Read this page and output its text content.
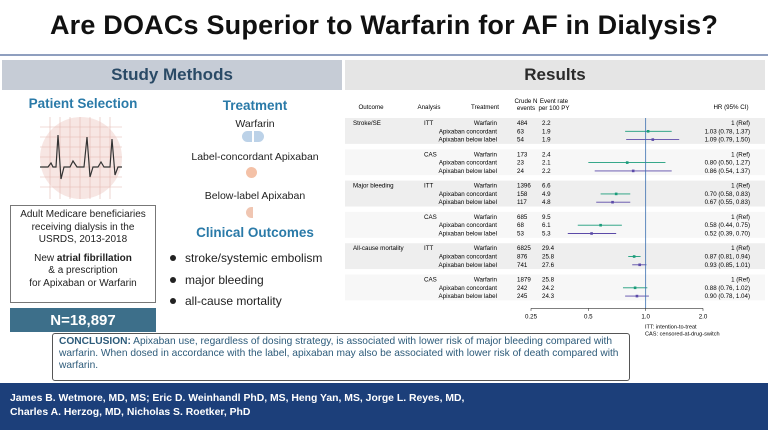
Are DOACs Superior to Warfarin for AF in Dialysis?
Study Methods	Results
Patient Selection
Adult Medicare beneficiaries
receiving dialysis in the
USRDS, 2013-2018
New atrial fibrillation
& a prescription
for Apixaban or Warfarin
N=18,897
Treatment
Warfarin
Label-concordant Apixaban
Below-label Apixaban
Clinical Outcomes
stroke/systemic embolism
major bleeding
all-cause mortality
Outcome	Analysis	Treatment
Crude N
events
Event rate
per 100 PY	HR (95% CI)
Stroke/SE	ITT	Warfarin	484 2.2	1 (Ref)
Apixaban concordant	63	1.9	1.03 (0.78, 1.37)
Apixaban below label	54	1.9	1.09 (0.79, 1.50)
CAS	Warfarin	173 2.4	1 (Ref)
Apixaban concordant	23	2.1	0.80 (0.50, 1.27)
Apixaban below label	24	2.2	0.86 (0.54, 1.37)
Major bleeding	ITT	Warfarin	1396 6.6	1 (Ref)
Apixaban concordant	158 4.9	0.70 (0.58, 0.83)
Apixaban below label	117 4.8	0.67 (0.55, 0.83)
CAS	Warfarin	685 9.5	1 (Ref)
Apixaban concordant	68	6.1	0.58 (0.44, 0.75)
Apixaban below label	53	5.3	0.52 (0.39, 0.70)
All-cause mortality	ITT	Warfarin	6825 29.4	1 (Ref)
Apixaban concordant	876 25.8	0.87 (0.81, 0.94)
Apixaban below label	741 27.6	0.93 (0.85, 1.01)
CAS	Warfarin	1879 25.8	1 (Ref)
Apixaban concordant	242 24.2	0.88 (0.76, 1.02)
Apixaban below label	245 24.3	0.90 (0.78, 1.04)
0.25	0.5	1.0	2.0
ITT: intention-to-treat
CAS: censored-at-drug-switch
CONCLUSION: Apixaban use, regardless of dosing strategy, is associated with lower risk of major bleeding compared with warfarin. When dosed in accordance with the label, apixaban may also be associated with lower risk of death compared with warfarin.
James B. Wetmore, MD, MS; Eric D. Weinhandl PhD, MS, Heng Yan, MS, Jorge L. Reyes, MD,
Charles A. Herzog, MD, Nicholas S. Roetker, PhD
